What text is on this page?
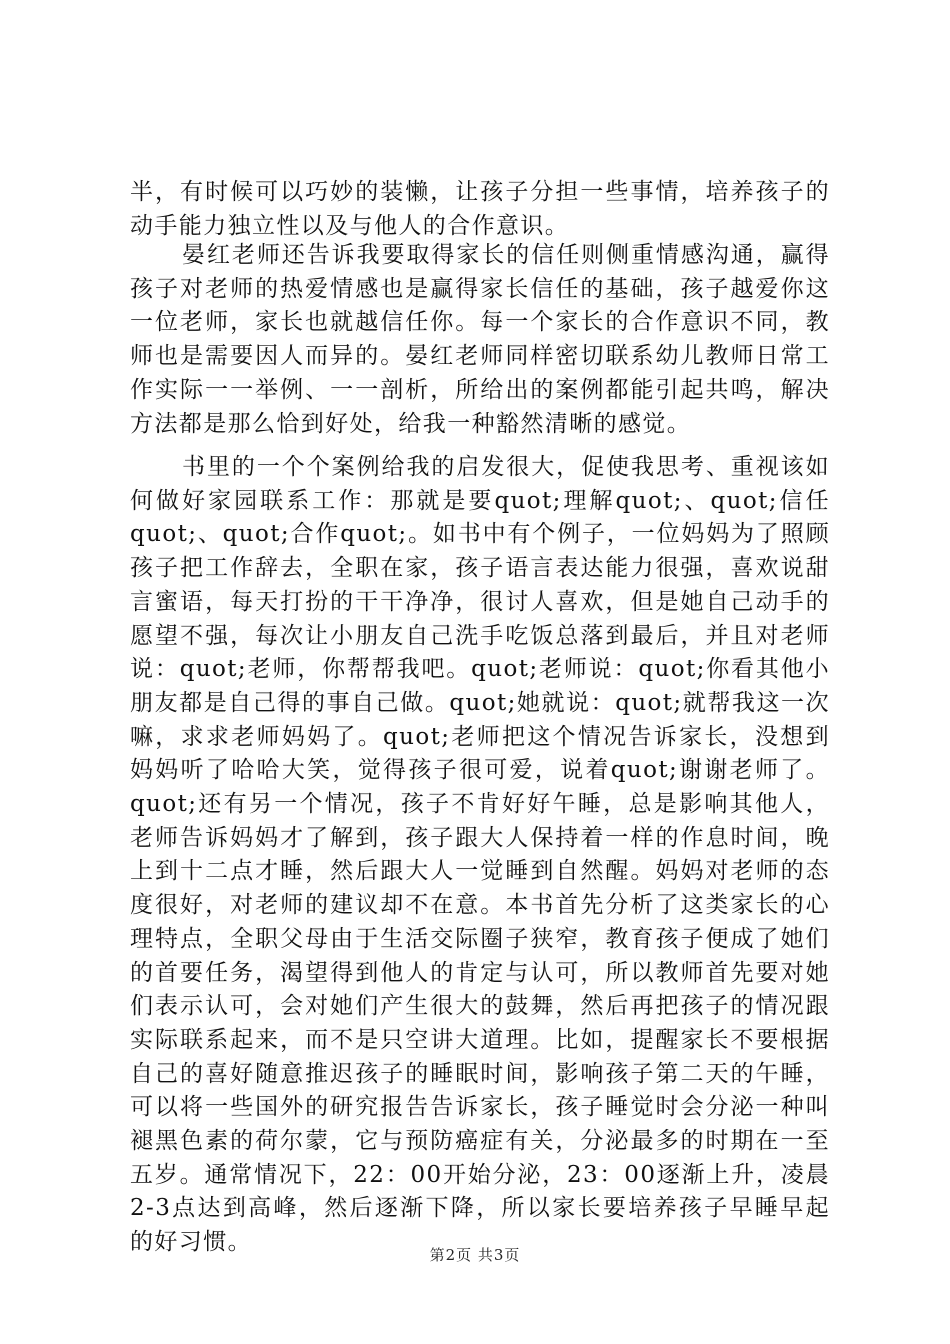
半，有时候可以巧妙的装懒，让孩子分担一些事情，培养孩子的动手能力独立性以及与他人的合作意识。

晏红老师还告诉我要取得家长的信任则侧重情感沟通，赢得孩子对老师的热爱情感也是赢得家长信任的基础，孩子越爱你这一位老师，家长也就越信任你。每一个家长的合作意识不同，教师也是需要因人而异的。晏红老师同样密切联系幼儿教师日常工作实际一一举例、一一剖析，所给出的案例都能引起共鸣，解决方法都是那么恰到好处，给我一种豁然清晰的感觉。

书里的一个个案例给我的启发很大，促使我思考、重视该如何做好家园联系工作：那就是要quot;理解quot;、quot;信任quot;、quot;合作quot;。如书中有个例子，一位妈妈为了照顾孩子把工作辞去，全职在家，孩子语言表达能力很强，喜欢说甜言蜜语，每天打扮的干干净净，很讨人喜欢，但是她自己动手的愿望不强，每次让小朋友自己洗手吃饭总落到最后，并且对老师说：quot;老师，你帮帮我吧。quot;老师说：quot;你看其他小朋友都是自己得的事自己做。quot;她就说：quot;就帮我这一次嘛，求求老师妈妈了。quot;老师把这个情况告诉家长，没想到妈妈听了哈哈大笑，觉得孩子很可爱，说着quot;谢谢老师了。quot;还有另一个情况，孩子不肯好好午睡，总是影响其他人，老师告诉妈妈才了解到，孩子跟大人保持着一样的作息时间，晚上到十二点才睡，然后跟大人一觉睡到自然醒。妈妈对老师的态度很好，对老师的建议却不在意。本书首先分析了这类家长的心理特点，全职父母由于生活交际圈子狭窄，教育孩子便成了她们的首要任务，渴望得到他人的肯定与认可，所以教师首先要对她们表示认可，会对她们产生很大的鼓舞，然后再把孩子的情况跟实际联系起来，而不是只空讲大道理。比如，提醒家长不要根据自己的喜好随意推迟孩子的睡眠时间，影响孩子第二天的午睡，可以将一些国外的研究报告告诉家长，孩子睡觉时会分泌一种叫褪黑色素的荷尔蒙，它与预防癌症有关，分泌最多的时期在一至五岁。通常情况下，22：00开始分泌，23：00逐渐上升，凌晨2-3点达到高峰，然后逐渐下降，所以家长要培养孩子早睡早起的好习惯。	第2页 共3页
